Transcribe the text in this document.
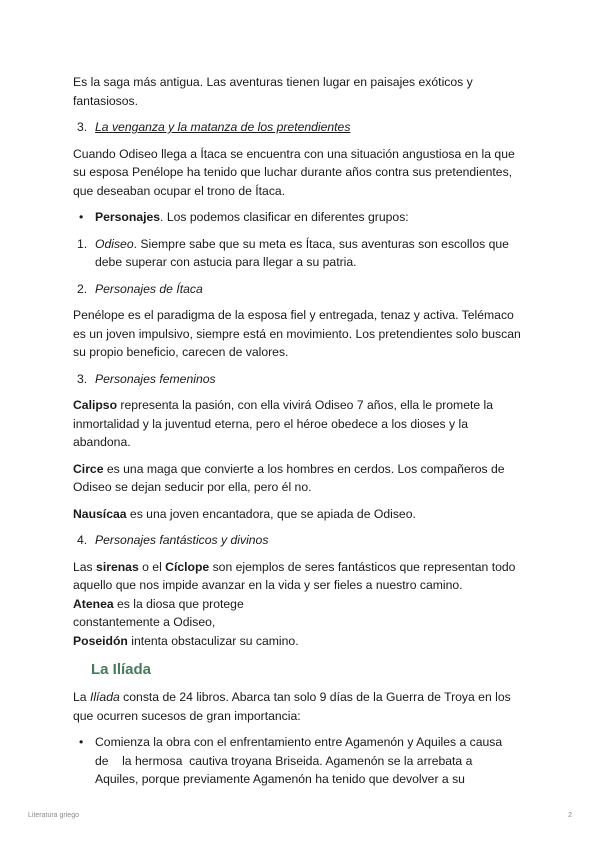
Es la saga más antigua. Las aventuras tienen lugar en paisajes exóticos y fantasiosos.

3. La venganza y la matanza de los pretendientes

Cuando Odiseo llega a Ítaca se encuentra con una situación angustiosa en la que su esposa Penélope ha tenido que luchar durante años contra sus pretendientes, que deseaban ocupar el trono de Ítaca.

• Personajes. Los podemos clasificar en diferentes grupos:
1. Odiseo. Siempre sabe que su meta es Ítaca, sus aventuras son escollos que debe superar con astucia para llegar a su patria.
2. Personajes de Ítaca

Penélope es el paradigma de la esposa fiel y entregada, tenaz y activa. Telémaco es un joven impulsivo, siempre está en movimiento. Los pretendientes solo buscan su propio beneficio, carecen de valores.

3. Personajes femeninos

Calipso representa la pasión, con ella vivirá Odiseo 7 años, ella le promete la inmortalidad y la juventud eterna, pero el héroe obedece a los dioses y la abandona.

Circe es una maga que convierte a los hombres en cerdos. Los compañeros de Odiseo se dejan seducir por ella, pero él no.

Nausícaa es una joven encantadora, que se apiada de Odiseo.

4. Personajes fantásticos y divinos

Las sirenas o el Cíclope son ejemplos de seres fantásticos que representan todo aquello que nos impide avanzar en la vida y ser fieles a nuestro camino.

Atenea es la diosa que protege
constantemente a Odiseo,
Poseidón intenta obstaculizar su camino.
La Ilíada

La Ilíada consta de 24 libros. Abarca tan solo 9 días de la Guerra de Troya en los que ocurren sucesos de gran importancia:

• Comienza la obra con el enfrentamiento entre Agamenón y Aquiles a causa
de    la hermosa  cautiva troyana Briseida. Agamenón se la arrebata a
Aquiles, porque previamente Agamenón ha tenido que devolver a su
Literatura griego	2
